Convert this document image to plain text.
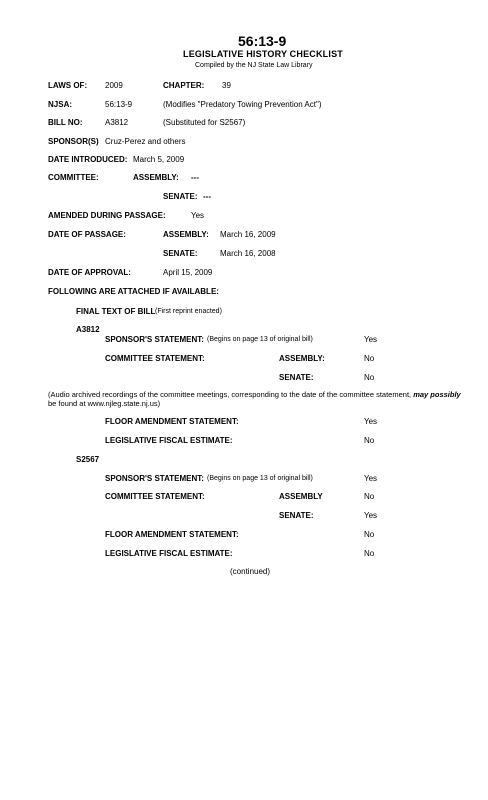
56:13-9
LEGISLATIVE HISTORY CHECKLIST
Compiled by the NJ State Law Library
LAWS OF: 2009	CHAPTER: 39
NJSA:	56:13-9	(Modifies "Predatory Towing Prevention Act")
BILL NO:	A3812	(Substituted for S2567)
SPONSOR(S) Cruz-Perez and others
DATE INTRODUCED: March 5, 2009
COMMITTEE:	ASSEMBLY: ---
SENATE: ---
AMENDED DURING PASSAGE:	Yes
DATE OF PASSAGE:	ASSEMBLY: March 16, 2009
SENATE:	March 16, 2008
DATE OF APPROVAL:	April 15, 2009
FOLLOWING ARE ATTACHED IF AVAILABLE:
FINAL TEXT OF BILL (First reprint enacted)
A3812
SPONSOR'S STATEMENT: (Begins on page 13 of original bill)	Yes
COMMITTEE STATEMENT:	ASSEMBLY:	No
SENATE:	No
(Audio archived recordings of the committee meetings, corresponding to the date of the committee statement, may possibly
be found at www.njleg.state.nj.us)
FLOOR AMENDMENT STATEMENT:	Yes
LEGISLATIVE FISCAL ESTIMATE:	No
S2567
SPONSOR'S STATEMENT: (Begins on page 13 of original bill)	Yes
COMMITTEE STATEMENT:	ASSEMBLY	No
SENATE:	Yes
FLOOR AMENDMENT STATEMENT:	No
LEGISLATIVE FISCAL ESTIMATE:	No
(continued)
